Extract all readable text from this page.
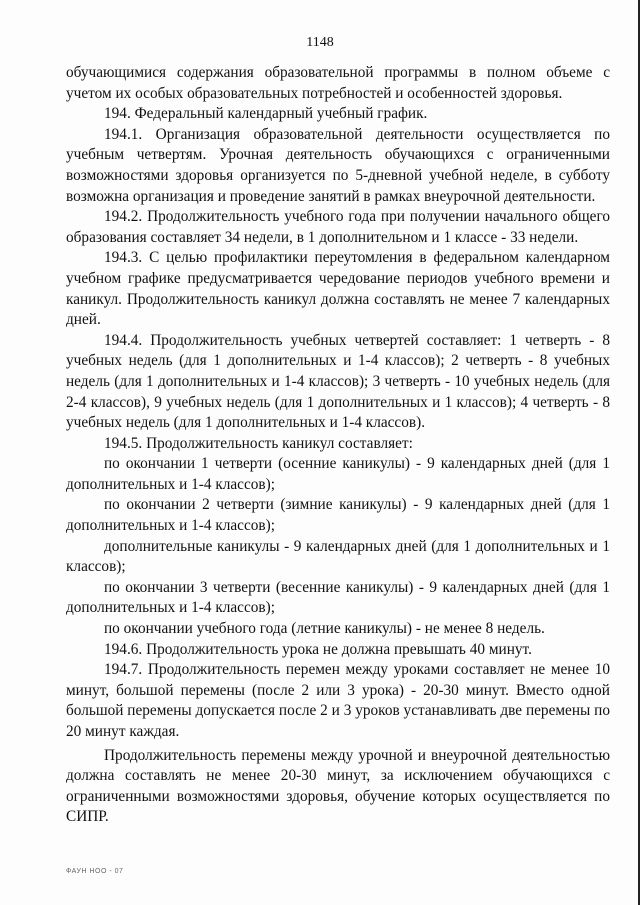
1148

обучающимися содержания образовательной программы в полном объеме с учетом их особых образовательных потребностей и особенностей здоровья.

194. Федеральный календарный учебный график.

194.1. Организация образовательной деятельности осуществляется по учебным четвертям. Урочная деятельность обучающихся с ограниченными возможностями здоровья организуется по 5-дневной учебной неделе, в субботу возможна организация и проведение занятий в рамках внеурочной деятельности.

194.2. Продолжительность учебного года при получении начального общего образования составляет 34 недели, в 1 дополнительном и 1 классе - 33 недели.

194.3. С целью профилактики переутомления в федеральном календарном учебном графике предусматривается чередование периодов учебного времени и каникул. Продолжительность каникул должна составлять не менее 7 календарных дней.

194.4. Продолжительность учебных четвертей составляет: 1 четверть - 8 учебных недель (для 1 дополнительных и 1-4 классов); 2 четверть - 8 учебных недель (для 1 дополнительных и 1-4 классов); 3 четверть - 10 учебных недель (для 2-4 классов), 9 учебных недель (для 1 дополнительных и 1 классов); 4 четверть - 8 учебных недель (для 1 дополнительных и 1-4 классов).

194.5. Продолжительность каникул составляет:

по окончании 1 четверти (осенние каникулы) - 9 календарных дней (для 1 дополнительных и 1-4 классов);

по окончании 2 четверти (зимние каникулы) - 9 календарных дней (для 1 дополнительных и 1-4 классов);

дополнительные каникулы - 9 календарных дней (для 1 дополнительных и 1 классов);

по окончании 3 четверти (весенние каникулы) - 9 календарных дней (для 1 дополнительных и 1-4 классов);

по окончании учебного года (летние каникулы) - не менее 8 недель.

194.6. Продолжительность урока не должна превышать 40 минут.

194.7. Продолжительность перемен между уроками составляет не менее 10 минут, большой перемены (после 2 или 3 урока) - 20-30 минут. Вместо одной большой перемены допускается после 2 и 3 уроков устанавливать две перемены по 20 минут каждая.

Продолжительность перемены между урочной и внеурочной деятельностью должна составлять не менее 20-30 минут, за исключением обучающихся с ограниченными возможностями здоровья, обучение которых осуществляется по СИПР.

ФАУН НОО - 07
